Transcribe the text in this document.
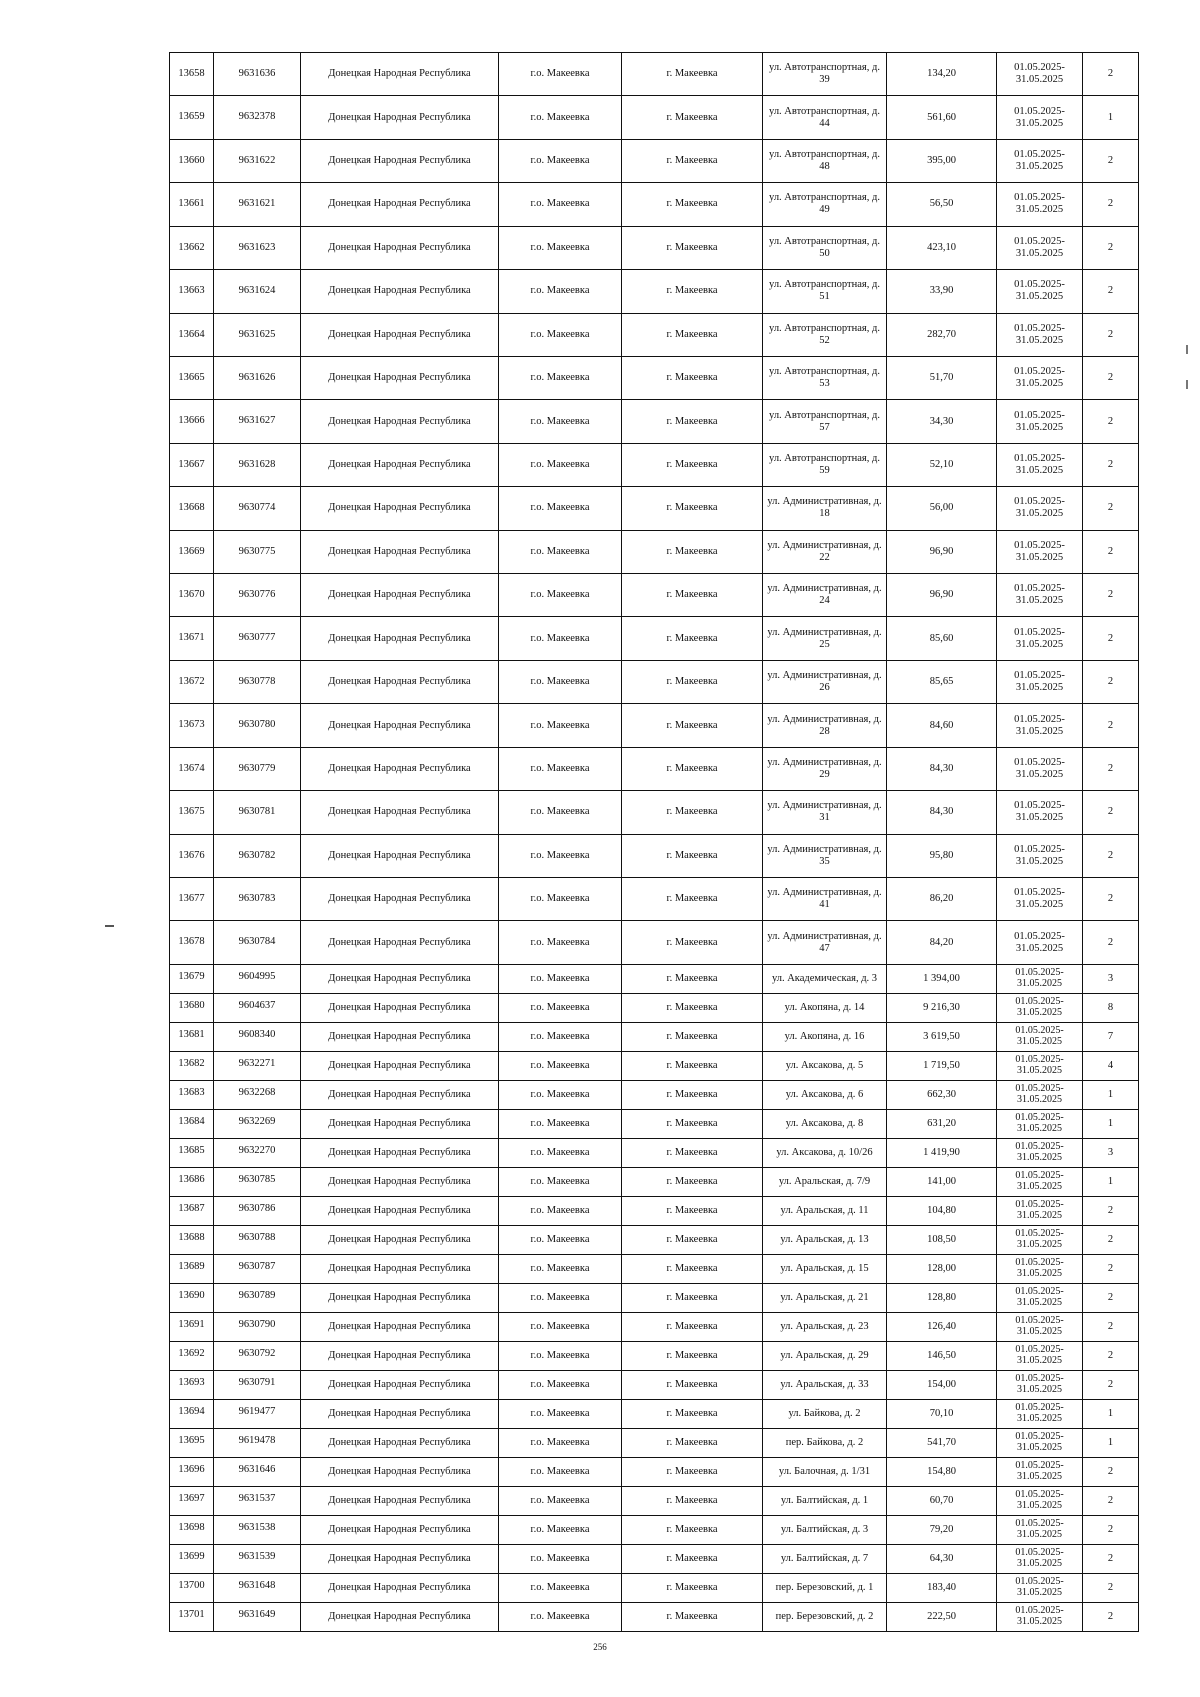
13658	9631636	Донецкая Народная Республика	г.о. Макеевка	г. Макеевка	ул. Автотранспортная, д. 39	134,20	01.05.2025-31.05.2025	2
13659	9632378	Донецкая Народная Республика	г.о. Макеевка	г. Макеевка	ул. Автотранспортная, д. 44	561,60	01.05.2025-31.05.2025	1
13660	9631622	Донецкая Народная Республика	г.о. Макеевка	г. Макеевка	ул. Автотранспортная, д. 48	395,00	01.05.2025-31.05.2025	2
13661	9631621	Донецкая Народная Республика	г.о. Макеевка	г. Макеевка	ул. Автотранспортная, д. 49	56,50	01.05.2025-31.05.2025	2
13662	9631623	Донецкая Народная Республика	г.о. Макеевка	г. Макеевка	ул. Автотранспортная, д. 50	423,10	01.05.2025-31.05.2025	2
13663	9631624	Донецкая Народная Республика	г.о. Макеевка	г. Макеевка	ул. Автотранспортная, д. 51	33,90	01.05.2025-31.05.2025	2
13664	9631625	Донецкая Народная Республика	г.о. Макеевка	г. Макеевка	ул. Автотранспортная, д. 52	282,70	01.05.2025-31.05.2025	2
13665	9631626	Донецкая Народная Республика	г.о. Макеевка	г. Макеевка	ул. Автотранспортная, д. 53	51,70	01.05.2025-31.05.2025	2
13666	9631627	Донецкая Народная Республика	г.о. Макеевка	г. Макеевка	ул. Автотранспортная, д. 57	34,30	01.05.2025-31.05.2025	2
13667	9631628	Донецкая Народная Республика	г.о. Макеевка	г. Макеевка	ул. Автотранспортная, д. 59	52,10	01.05.2025-31.05.2025	2
13668	9630774	Донецкая Народная Республика	г.о. Макеевка	г. Макеевка	ул. Административная, д. 18	56,00	01.05.2025-31.05.2025	2
13669	9630775	Донецкая Народная Республика	г.о. Макеевка	г. Макеевка	ул. Административная, д. 22	96,90	01.05.2025-31.05.2025	2
13670	9630776	Донецкая Народная Республика	г.о. Макеевка	г. Макеевка	ул. Административная, д. 24	96,90	01.05.2025-31.05.2025	2
13671	9630777	Донецкая Народная Республика	г.о. Макеевка	г. Макеевка	ул. Административная, д. 25	85,60	01.05.2025-31.05.2025	2
13672	9630778	Донецкая Народная Республика	г.о. Макеевка	г. Макеевка	ул. Административная, д. 26	85,65	01.05.2025-31.05.2025	2
13673	9630780	Донецкая Народная Республика	г.о. Макеевка	г. Макеевка	ул. Административная, д. 28	84,60	01.05.2025-31.05.2025	2
13674	9630779	Донецкая Народная Республика	г.о. Макеевка	г. Макеевка	ул. Административная, д. 29	84,30	01.05.2025-31.05.2025	2
13675	9630781	Донецкая Народная Республика	г.о. Макеевка	г. Макеевка	ул. Административная, д. 31	84,30	01.05.2025-31.05.2025	2
13676	9630782	Донецкая Народная Республика	г.о. Макеевка	г. Макеевка	ул. Административная, д. 35	95,80	01.05.2025-31.05.2025	2
13677	9630783	Донецкая Народная Республика	г.о. Макеевка	г. Макеевка	ул. Административная, д. 41	86,20	01.05.2025-31.05.2025	2
13678	9630784	Донецкая Народная Республика	г.о. Макеевка	г. Макеевка	ул. Административная, д. 47	84,20	01.05.2025-31.05.2025	2
13679	9604995	Донецкая Народная Республика	г.о. Макеевка	г. Макеевка	ул. Академическая, д. 3	1 394,00	01.05.2025-31.05.2025	3
13680	9604637	Донецкая Народная Республика	г.о. Макеевка	г. Макеевка	ул. Акопяна, д. 14	9 216,30	01.05.2025-31.05.2025	8
13681	9608340	Донецкая Народная Республика	г.о. Макеевка	г. Макеевка	ул. Акопяна, д. 16	3 619,50	01.05.2025-31.05.2025	7
13682	9632271	Донецкая Народная Республика	г.о. Макеевка	г. Макеевка	ул. Аксакова, д. 5	1 719,50	01.05.2025-31.05.2025	4
13683	9632268	Донецкая Народная Республика	г.о. Макеевка	г. Макеевка	ул. Аксакова, д. 6	662,30	01.05.2025-31.05.2025	1
13684	9632269	Донецкая Народная Республика	г.о. Макеевка	г. Макеевка	ул. Аксакова, д. 8	631,20	01.05.2025-31.05.2025	1
13685	9632270	Донецкая Народная Республика	г.о. Макеевка	г. Макеевка	ул. Аксакова, д. 10/26	1 419,90	01.05.2025-31.05.2025	3
13686	9630785	Донецкая Народная Республика	г.о. Макеевка	г. Макеевка	ул. Аральская, д. 7/9	141,00	01.05.2025-31.05.2025	1
13687	9630786	Донецкая Народная Республика	г.о. Макеевка	г. Макеевка	ул. Аральская, д. 11	104,80	01.05.2025-31.05.2025	2
13688	9630788	Донецкая Народная Республика	г.о. Макеевка	г. Макеевка	ул. Аральская, д. 13	108,50	01.05.2025-31.05.2025	2
13689	9630787	Донецкая Народная Республика	г.о. Макеевка	г. Макеевка	ул. Аральская, д. 15	128,00	01.05.2025-31.05.2025	2
13690	9630789	Донецкая Народная Республика	г.о. Макеевка	г. Макеевка	ул. Аральская, д. 21	128,80	01.05.2025-31.05.2025	2
13691	9630790	Донецкая Народная Республика	г.о. Макеевка	г. Макеевка	ул. Аральская, д. 23	126,40	01.05.2025-31.05.2025	2
13692	9630792	Донецкая Народная Республика	г.о. Макеевка	г. Макеевка	ул. Аральская, д. 29	146,50	01.05.2025-31.05.2025	2
13693	9630791	Донецкая Народная Республика	г.о. Макеевка	г. Макеевка	ул. Аральская, д. 33	154,00	01.05.2025-31.05.2025	2
13694	9619477	Донецкая Народная Республика	г.о. Макеевка	г. Макеевка	ул. Байкова, д. 2	70,10	01.05.2025-31.05.2025	1
13695	9619478	Донецкая Народная Республика	г.о. Макеевка	г. Макеевка	пер. Байкова, д. 2	541,70	01.05.2025-31.05.2025	1
13696	9631646	Донецкая Народная Республика	г.о. Макеевка	г. Макеевка	ул. Балочная, д. 1/31	154,80	01.05.2025-31.05.2025	2
13697	9631537	Донецкая Народная Республика	г.о. Макеевка	г. Макеевка	ул. Балтийская, д. 1	60,70	01.05.2025-31.05.2025	2
13698	9631538	Донецкая Народная Республика	г.о. Макеевка	г. Макеевка	ул. Балтийская, д. 3	79,20	01.05.2025-31.05.2025	2
13699	9631539	Донецкая Народная Республика	г.о. Макеевка	г. Макеевка	ул. Балтийская, д. 7	64,30	01.05.2025-31.05.2025	2
13700	9631648	Донецкая Народная Республика	г.о. Макеевка	г. Макеевка	пер. Березовский, д. 1	183,40	01.05.2025-31.05.2025	2
13701	9631649	Донецкая Народная Республика	г.о. Макеевка	г. Макеевка	пер. Березовский, д. 2	222,50	01.05.2025-31.05.2025	2
256
